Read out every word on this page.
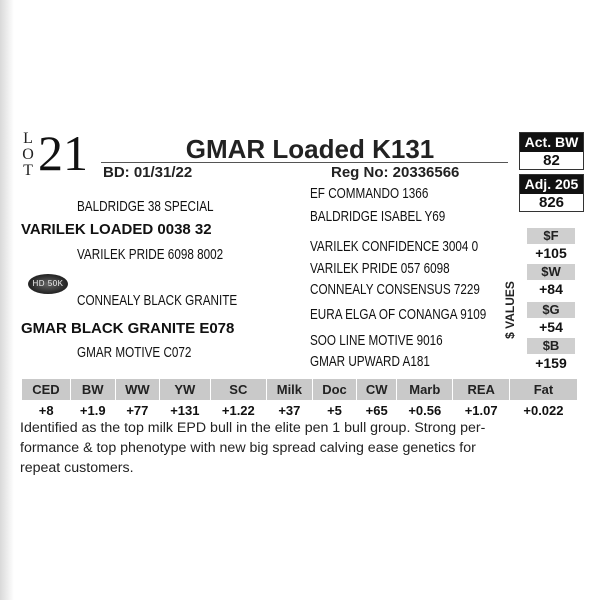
L
O
T 21	GMAR Loaded K131
BD: 01/31/22	Reg No: 20336566
Act. BW
82
Adj. 205
826
BALDRIDGE 38 SPECIAL
VARILEK LOADED 0038 32
VARILEK PRIDE 6098 8002
HD 50K
CONNEALY BLACK GRANITE
GMAR BLACK GRANITE E078
GMAR MOTIVE C072
EF COMMANDO 1366
BALDRIDGE ISABEL Y69
VARILEK CONFIDENCE 3004 0
VARILEK PRIDE 057 6098
CONNEALY CONSENSUS 7229
EURA ELGA OF CONANGA 9109
SOO LINE MOTIVE 9016
GMAR UPWARD A181
$ VALUES
$F
+105
$W
+84
$G
+54
$B
+159
CED	BW	WW	YW	SC	Milk	Doc	CW	Marb	REA	Fat
+8	+1.9	+77	+131	+1.22	+37	+5	+65	+0.56	+1.07	+0.022
Identified as the top milk EPD bull in the elite pen 1 bull group. Strong per-
formance & top phenotype with new big spread calving ease genetics for
repeat customers.
